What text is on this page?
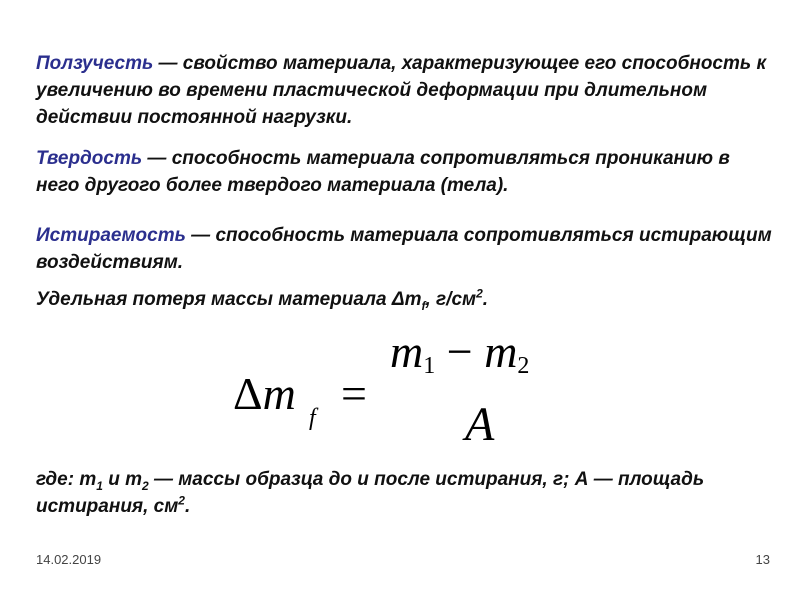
Ползучесть — свойство материала, характеризующее его способность к увеличению во времени пластической деформации при длительном действии постоянной нагрузки.

Твердость — способность материала сопротивляться прониканию в него другого более твердого материала (тела).

Истираемость — способность материала сопротивляться истирающим воздействиям.

Удельная потеря массы материала $\Delta m_f$, $г/см^2$.

Δm f =
m1 − m2
A

где: $m_1$ и $m_2$ — массы образца до и после истирания, г; А — площадь истирания, $см^2$.

14.02.2019	13
